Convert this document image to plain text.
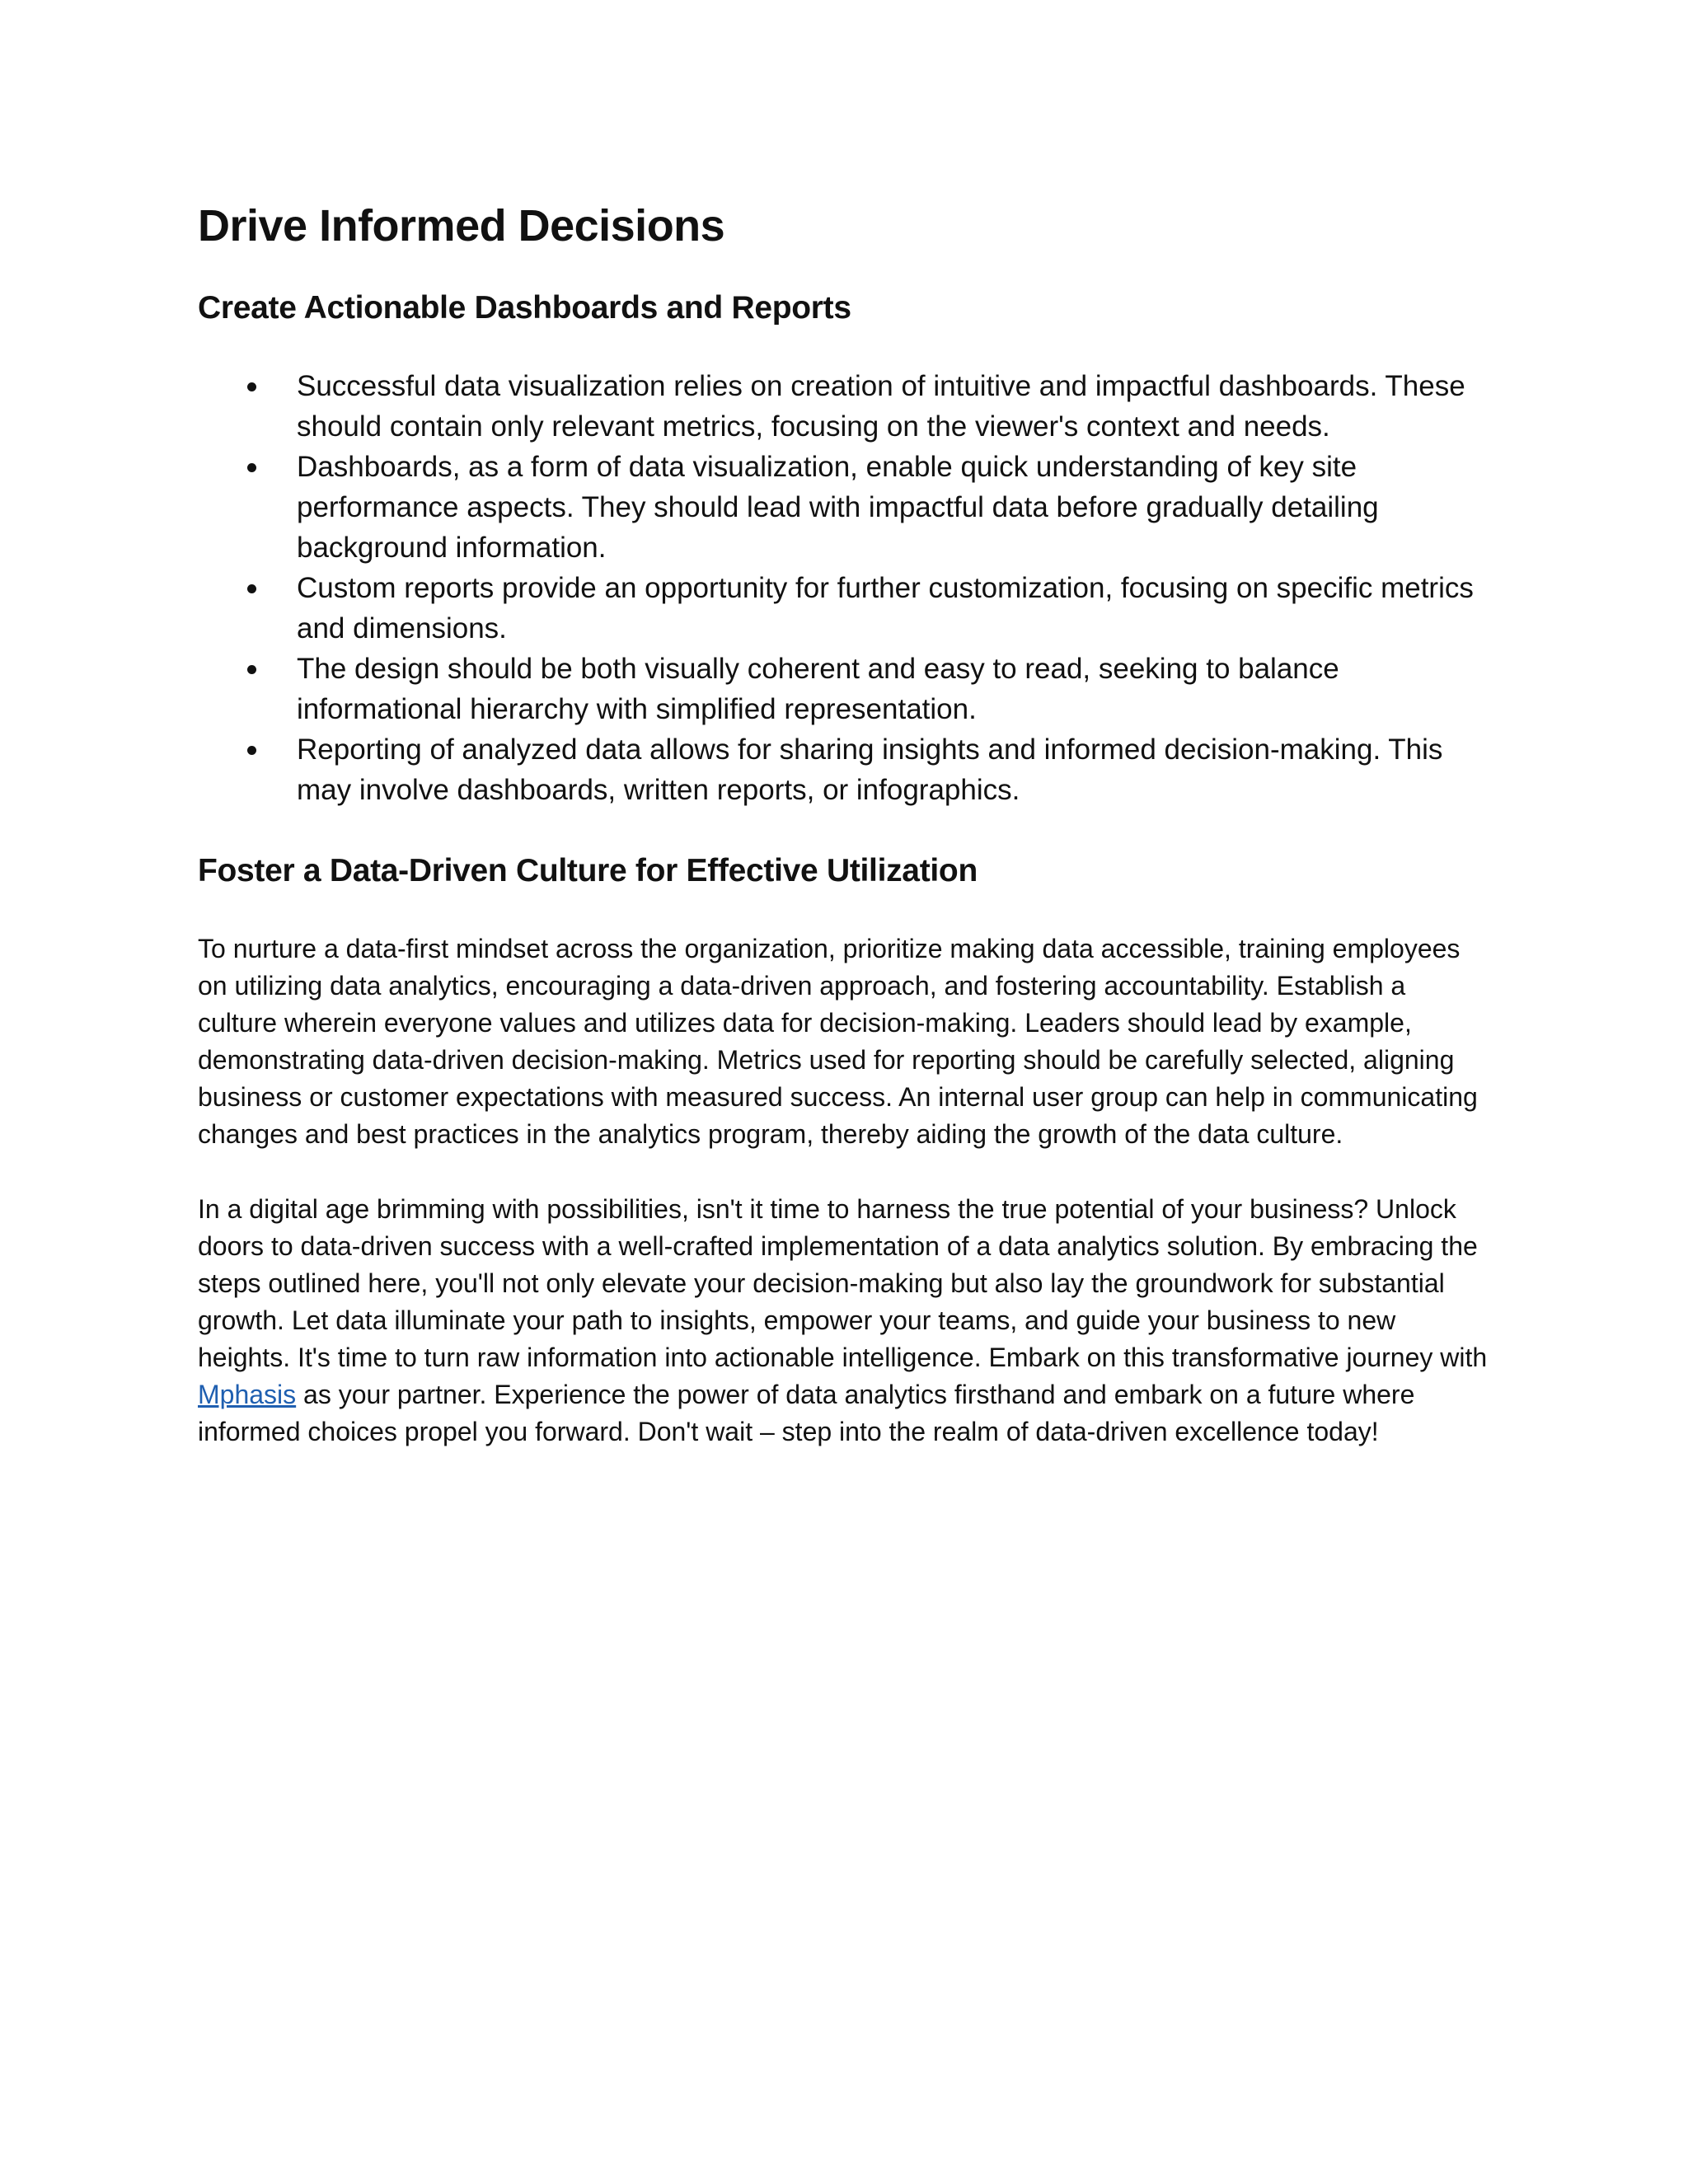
Drive Informed Decisions
Create Actionable Dashboards and Reports
Successful data visualization relies on creation of intuitive and impactful dashboards. These should contain only relevant metrics, focusing on the viewer's context and needs.
Dashboards, as a form of data visualization, enable quick understanding of key site performance aspects. They should lead with impactful data before gradually detailing background information.
Custom reports provide an opportunity for further customization, focusing on specific metrics and dimensions.
The design should be both visually coherent and easy to read, seeking to balance informational hierarchy with simplified representation.
Reporting of analyzed data allows for sharing insights and informed decision-making. This may involve dashboards, written reports, or infographics.
Foster a Data-Driven Culture for Effective Utilization

To nurture a data-first mindset across the organization, prioritize making data accessible, training employees on utilizing data analytics, encouraging a data-driven approach, and fostering accountability. Establish a culture wherein everyone values and utilizes data for decision-making. Leaders should lead by example, demonstrating data-driven decision-making. Metrics used for reporting should be carefully selected, aligning business or customer expectations with measured success. An internal user group can help in communicating changes and best practices in the analytics program, thereby aiding the growth of the data culture.

In a digital age brimming with possibilities, isn't it time to harness the true potential of your business? Unlock doors to data-driven success with a well-crafted implementation of a data analytics solution. By embracing the steps outlined here, you'll not only elevate your decision-making but also lay the groundwork for substantial growth. Let data illuminate your path to insights, empower your teams, and guide your business to new heights. It's time to turn raw information into actionable intelligence. Embark on this transformative journey with Mphasis as your partner. Experience the power of data analytics firsthand and embark on a future where informed choices propel you forward. Don't wait – step into the realm of data-driven excellence today!
